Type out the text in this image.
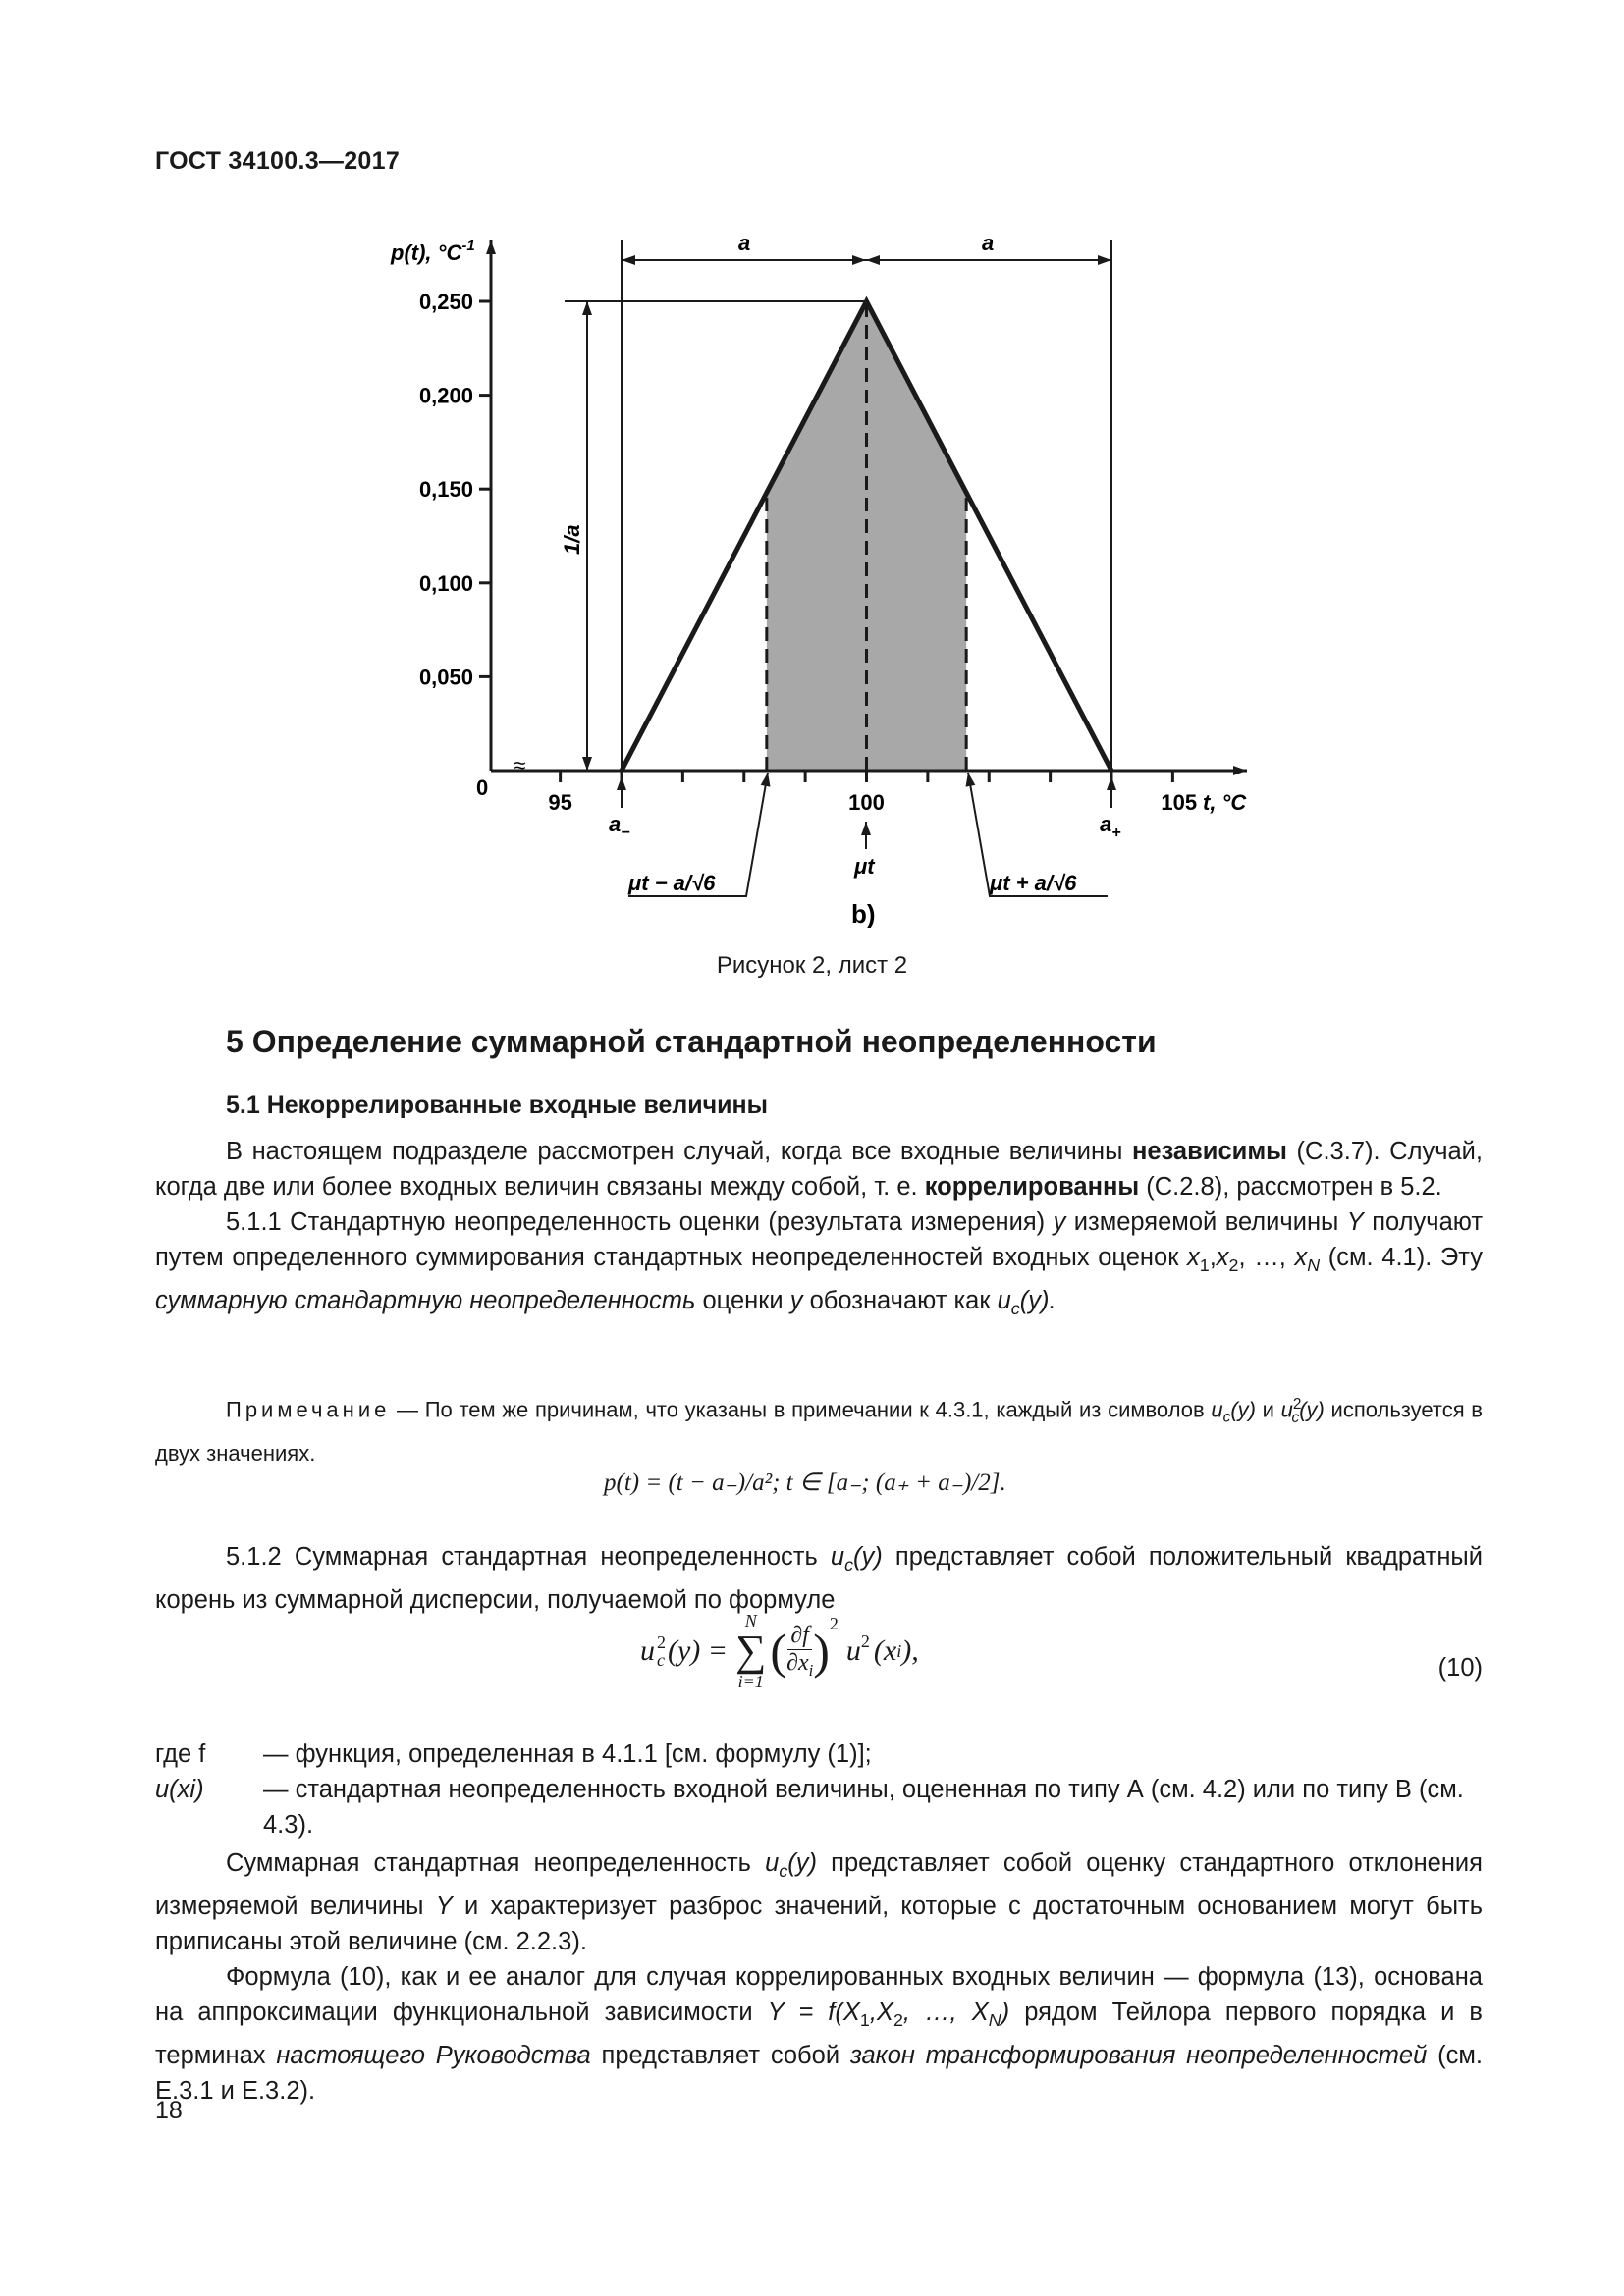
ГОСТ 34100.3—2017
≈
0,250
0,200
0,150
0,100
0,050
95	100	105
p(t), $^\circ C^{-1}$
0
t, °C
a	a
1/a
$a_-$	$a_+$
μt
μt − a/√6	μt + a/√6
b)
Рисунок 2, лист 2
5 Определение суммарной стандартной неопределенности
5.1 Некоррелированные входные величины

В настоящем подразделе рассмотрен случай, когда все входные величины независимы (С.3.7). Случай, когда две или более входных величин связаны между собой, т. е. коррелированны (С.2.8), рассмотрен в 5.2.

5.1.1 Стандартную неопределенность оценки (результата измерения) y измеряемой величины Y получают путем определенного суммирования стандартных неопределенностей входных оценок $x_1,x_2$, …, $x_N$ (см. 4.1). Эту суммарную стандартную неопределенность оценки y обозначают как $u_c(y)$.

Примечание — По тем же причинам, что указаны в примечании к 4.3.1, каждый из символов $u_c(y)$ и $u^2_c(y)$ используется в двух значениях.

p(t) = (t − a₋)/a²; t ∈ [a₋; (a₊ + a₋)/2].

5.1.2 Суммарная стандартная неопределенность $u_c(y)$ представляет собой положительный квадратный корень из суммарной дисперсии, получаемой по формуле

u 2
c (y) =
N
∑
i=1
( ∂f
$\partial x_i$ ) 2
u 2 (x i ),
(10)
где f	— функция, определенная в 4.1.1 [см. формулу (1)];
u(xi)	— стандартная неопределенность входной величины, оцененная по типу А (см. 4.2) или по типу В (см. 4.3).

Суммарная стандартная неопределенность $u_c(y)$ представляет собой оценку стандартного отклонения измеряемой величины Y и характеризует разброс значений, которые с достаточным основанием могут быть приписаны этой величине (см. 2.2.3).

Формула (10), как и ее аналог для случая коррелированных входных величин — формула (13), основана на аппроксимации функциональной зависимости $Y = f(X_1,X_2$, …, $X_N$) рядом Тейлора первого порядка и в терминах настоящего Руководства представляет собой закон трансформирования неопределенностей (см. Е.3.1 и Е.3.2).

18
